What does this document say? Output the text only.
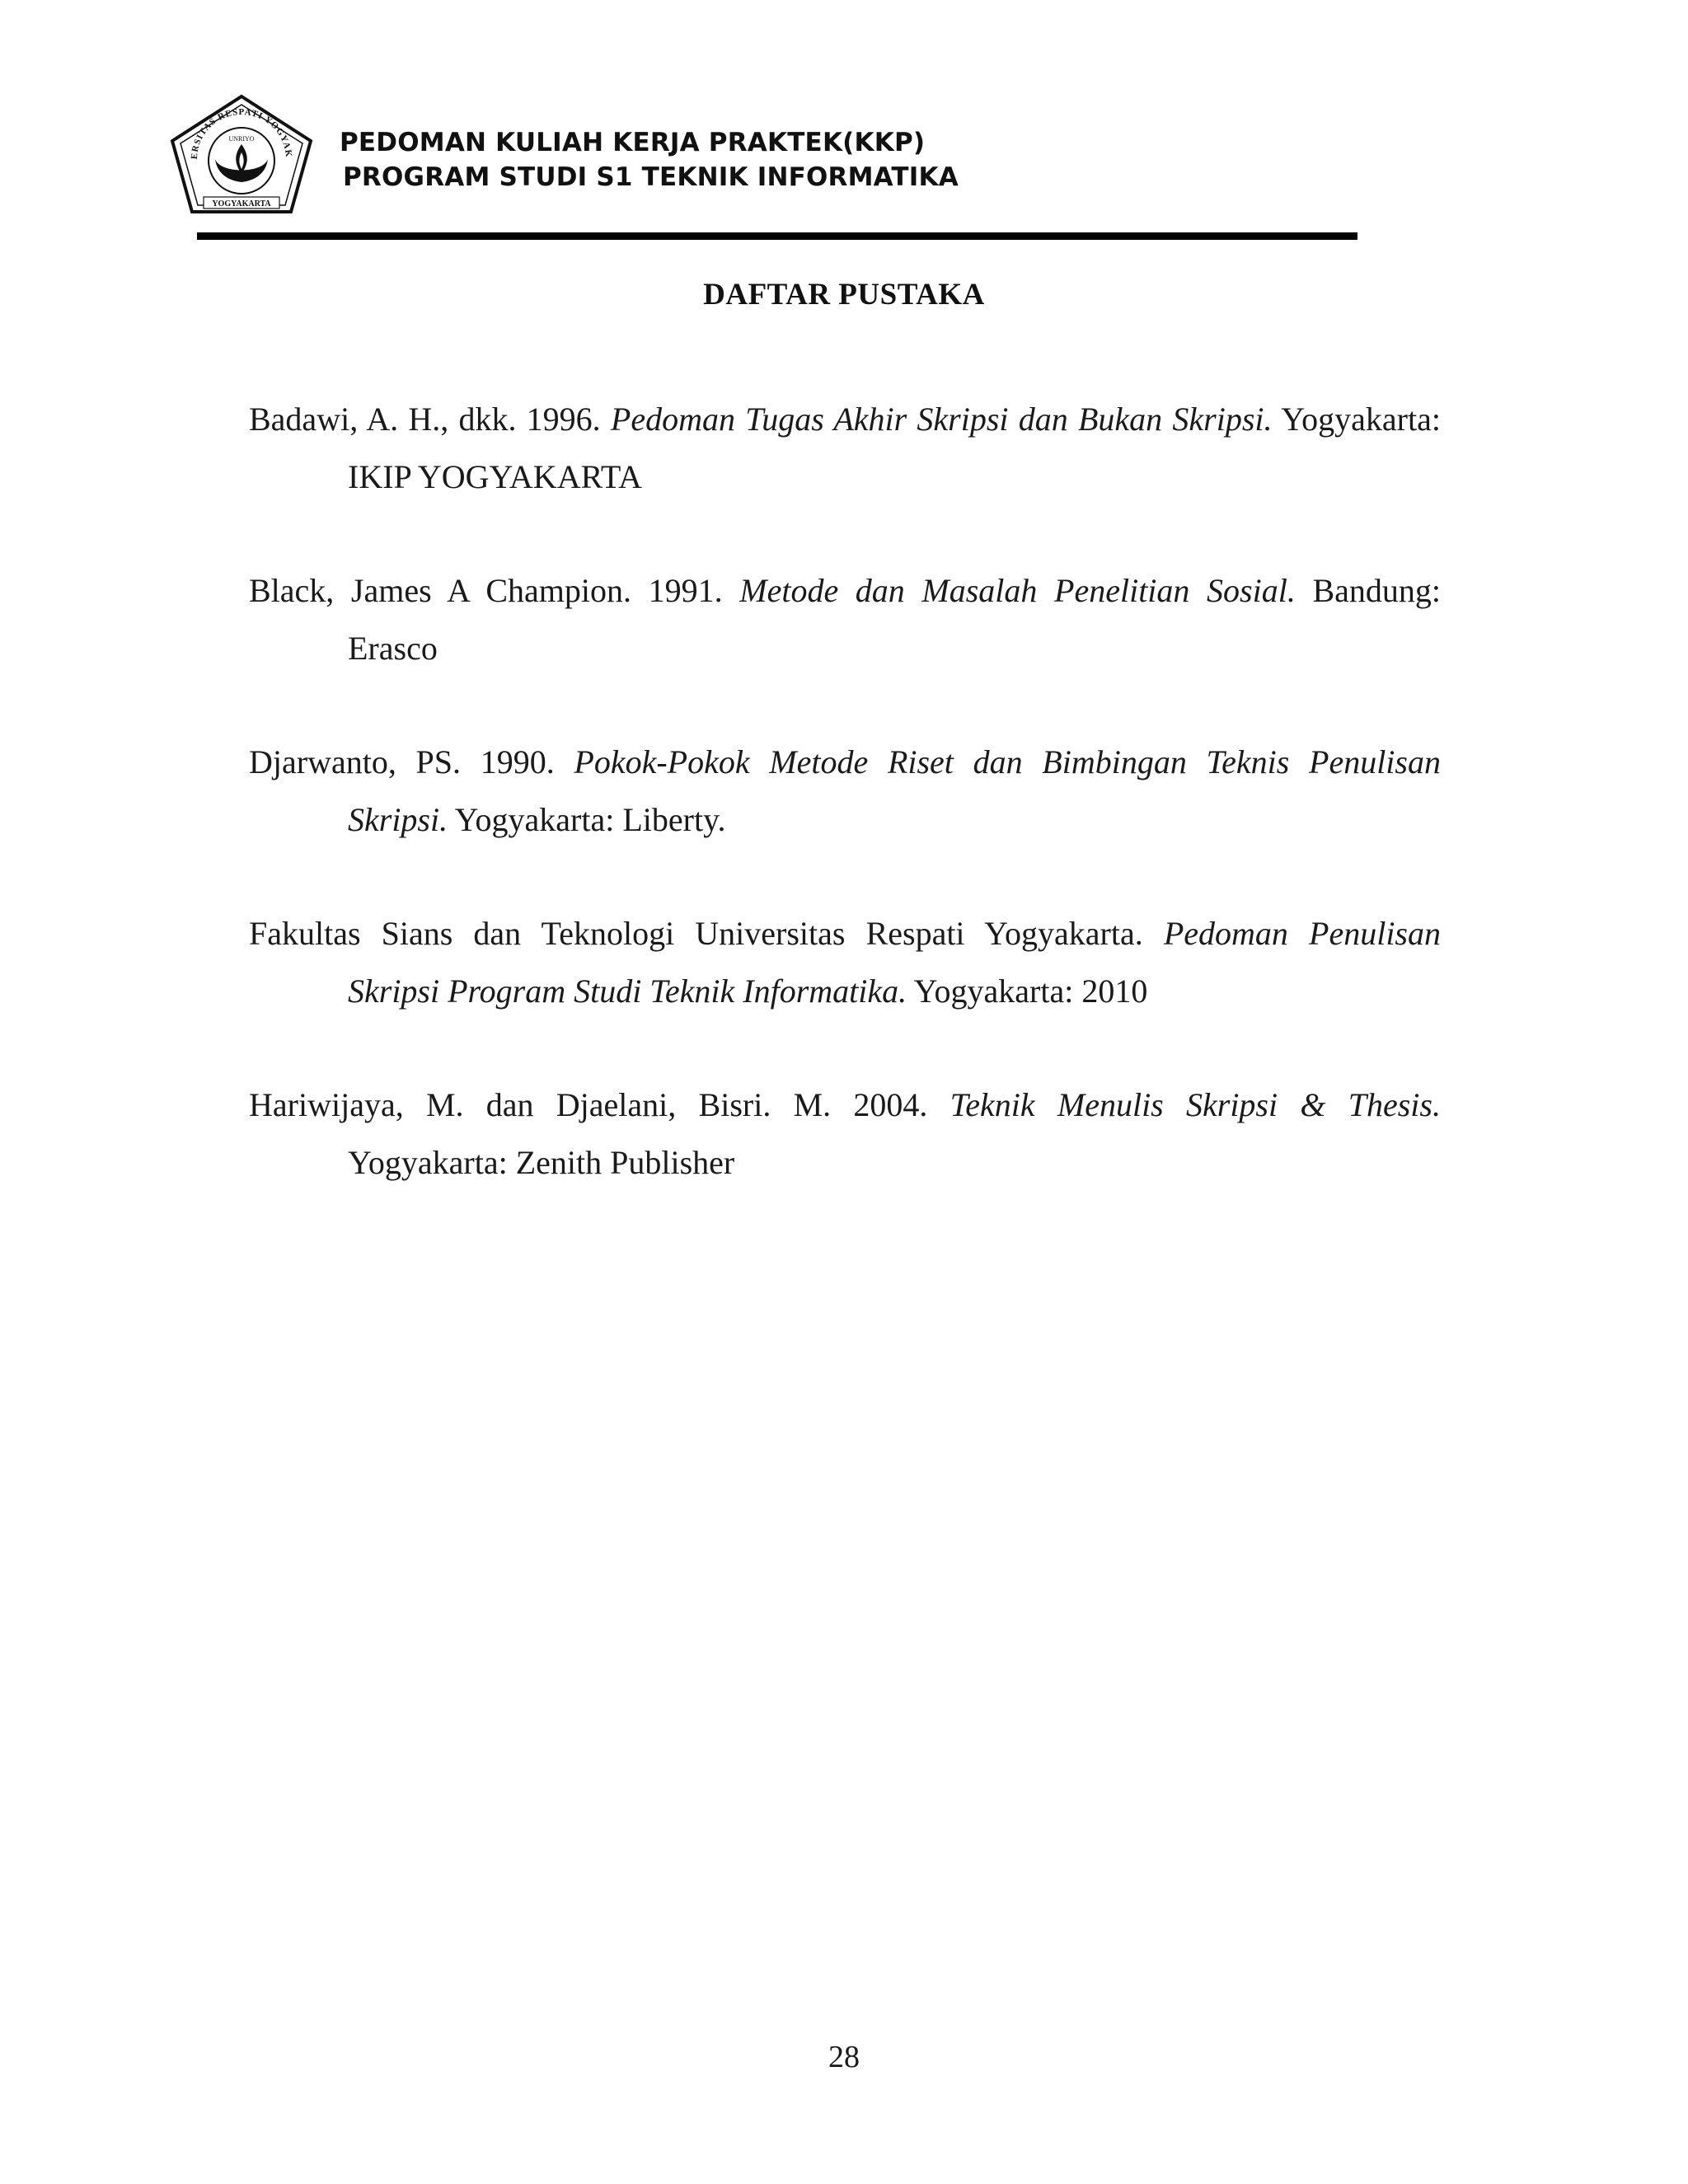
ERSITAS RESPATI YOGYAK
UNRIYO
YOGYAKARTA
PEDOMAN KULIAH KERJA PRAKTEK(KKP)
PROGRAM STUDI S1 TEKNIK INFORMATIKA
DAFTAR PUSTAKA
Badawi, A. H., dkk. 1996. Pedoman Tugas Akhir Skripsi dan Bukan Skripsi. Yogyakarta: IKIP YOGYAKARTA
Black, James A Champion. 1991. Metode dan Masalah Penelitian Sosial. Bandung: Erasco
Djarwanto, PS. 1990. Pokok-Pokok Metode Riset dan Bimbingan Teknis Penulisan Skripsi. Yogyakarta: Liberty.
Fakultas Sians dan Teknologi Universitas Respati Yogyakarta. Pedoman Penulisan Skripsi Program Studi Teknik Informatika. Yogyakarta: 2010
Hariwijaya, M. dan Djaelani, Bisri. M. 2004. Teknik Menulis Skripsi & Thesis. Yogyakarta: Zenith Publisher
28
